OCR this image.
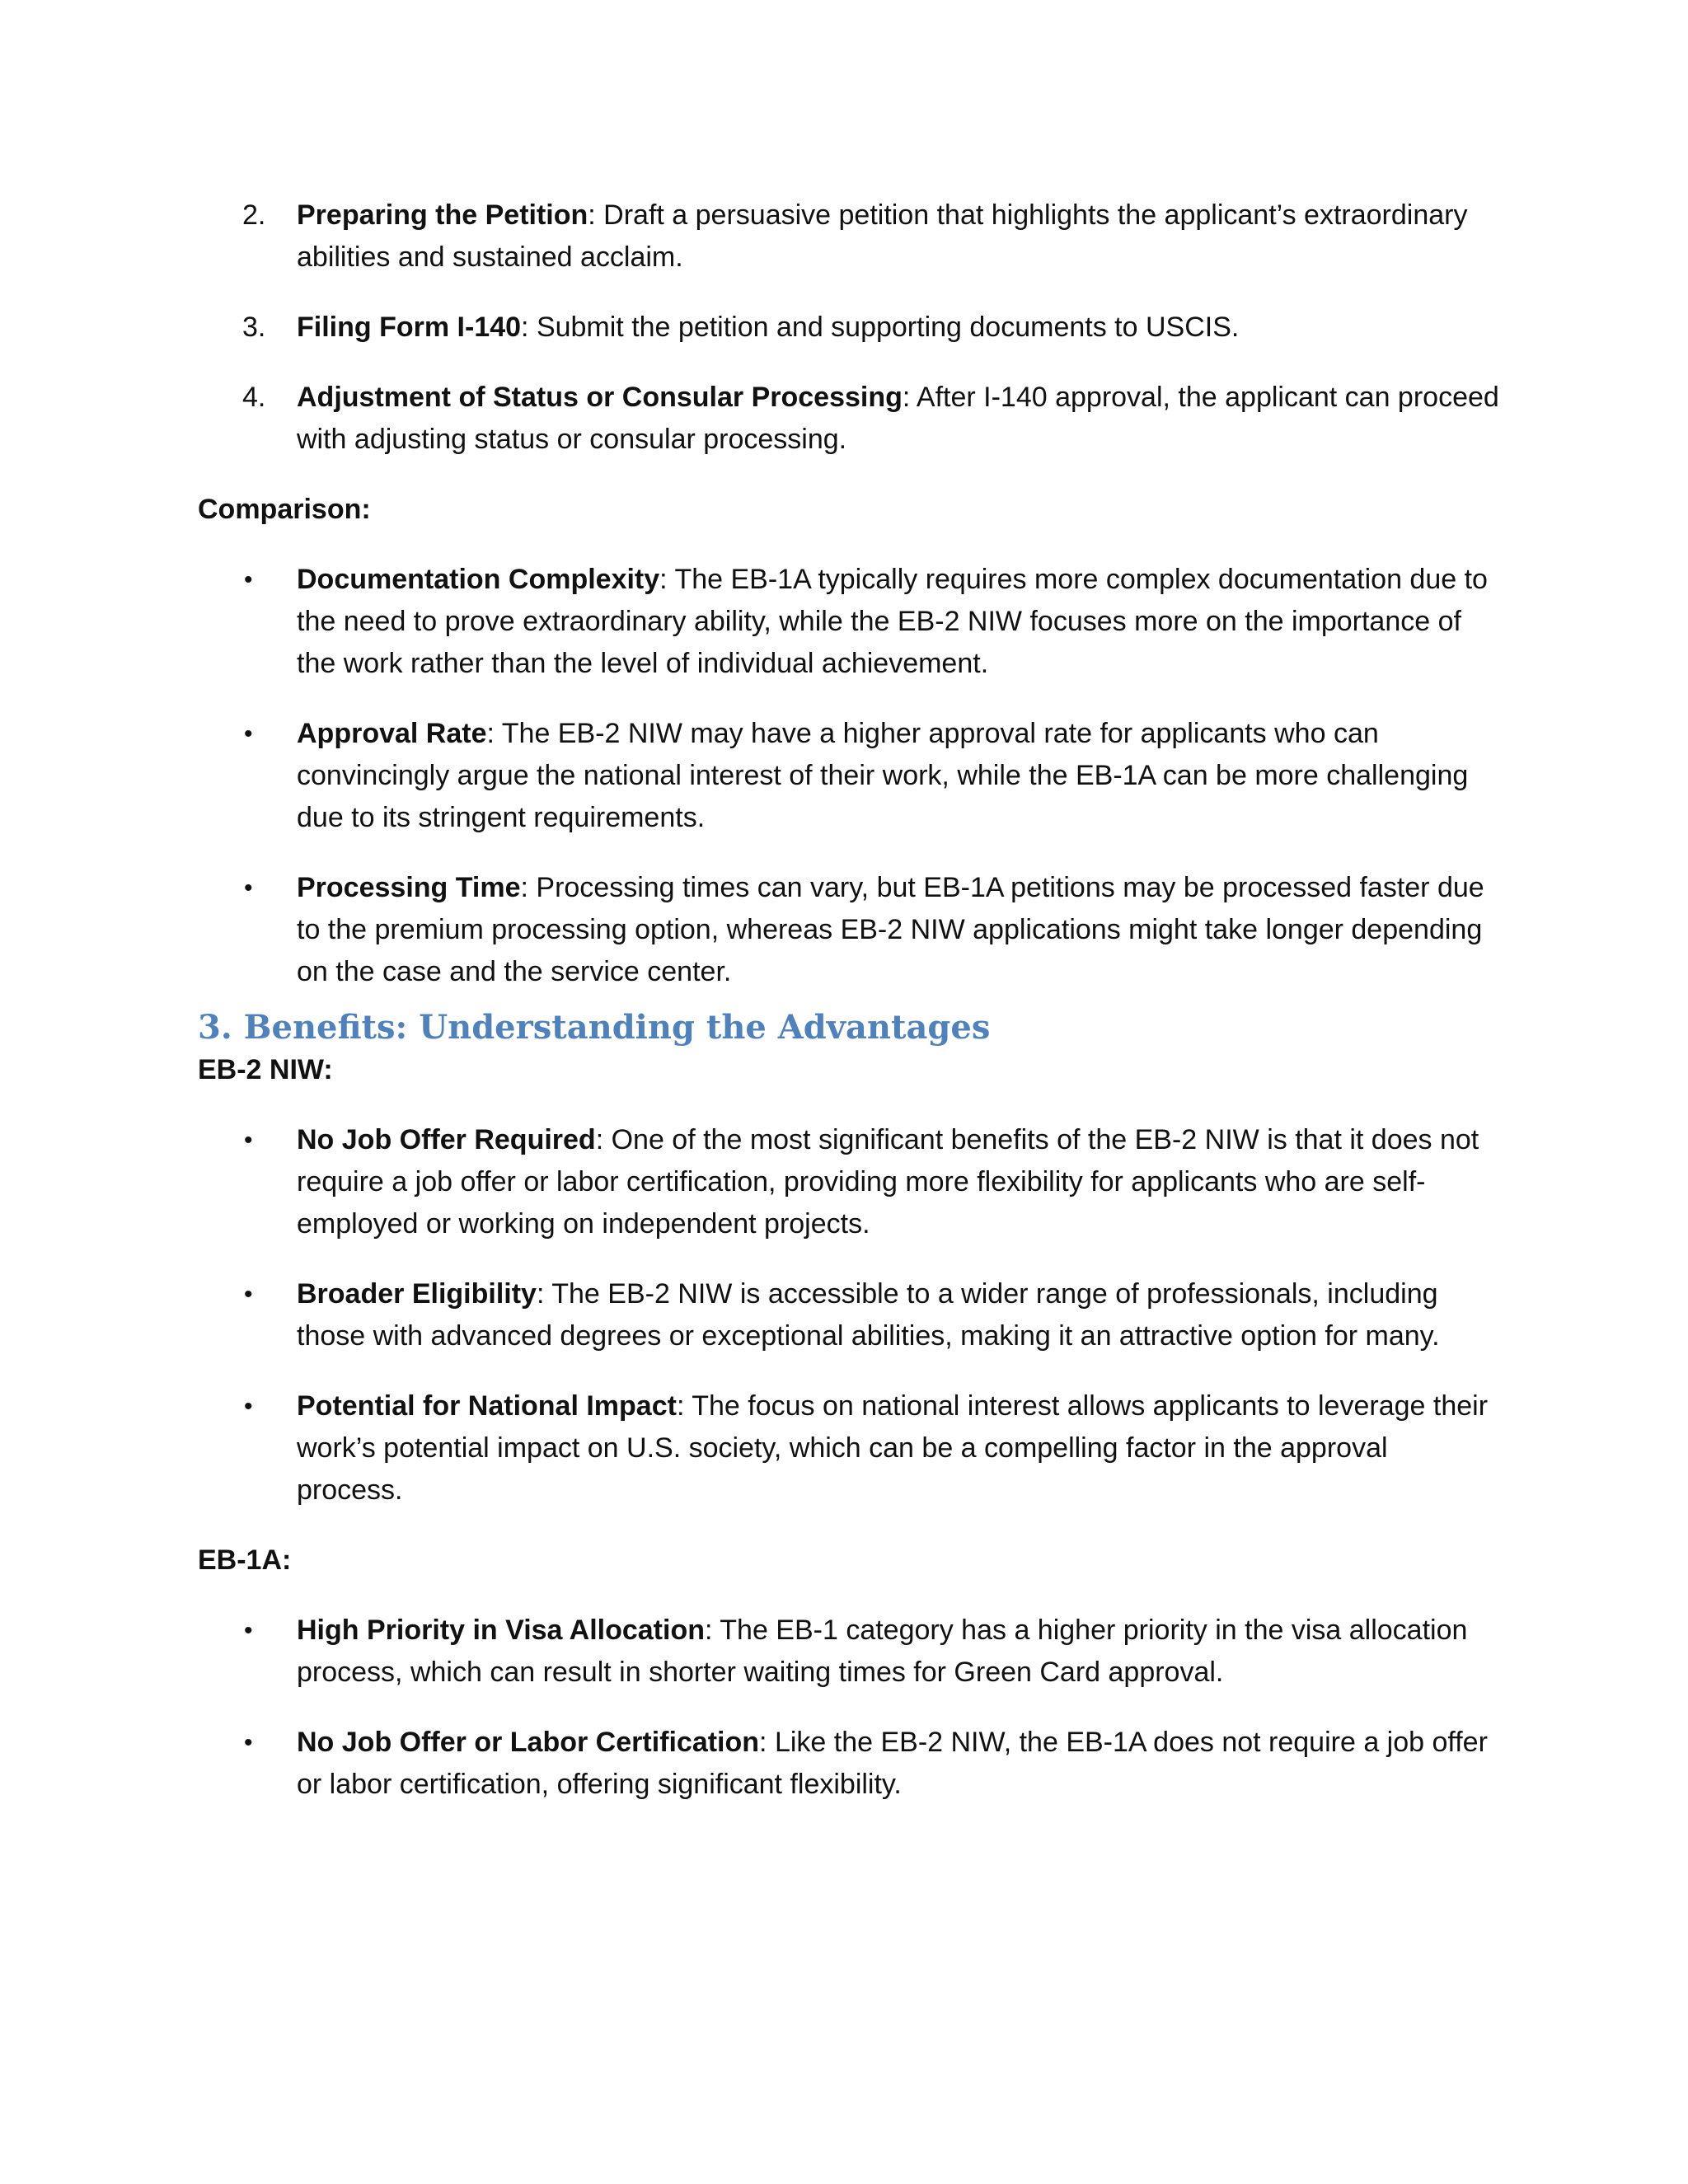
2.	Preparing the Petition: Draft a persuasive petition that highlights the applicant’s extraordinary abilities and sustained acclaim.
3.	Filing Form I-140: Submit the petition and supporting documents to USCIS.
4.	Adjustment of Status or Consular Processing: After I-140 approval, the applicant can proceed with adjusting status or consular processing.
Comparison:
•	Documentation Complexity: The EB-1A typically requires more complex documentation due to the need to prove extraordinary ability, while the EB-2 NIW focuses more on the importance of the work rather than the level of individual achievement.
•	Approval Rate: The EB-2 NIW may have a higher approval rate for applicants who can convincingly argue the national interest of their work, while the EB-1A can be more challenging due to its stringent requirements.
•	Processing Time: Processing times can vary, but EB-1A petitions may be processed faster due to the premium processing option, whereas EB-2 NIW applications might take longer depending on the case and the service center.
3. Benefits: Understanding the Advantages
EB-2 NIW:
•	No Job Offer Required: One of the most significant benefits of the EB-2 NIW is that it does not require a job offer or labor certification, providing more flexibility for applicants who are self-employed or working on independent projects.
•	Broader Eligibility: The EB-2 NIW is accessible to a wider range of professionals, including those with advanced degrees or exceptional abilities, making it an attractive option for many.
•	Potential for National Impact: The focus on national interest allows applicants to leverage their work’s potential impact on U.S. society, which can be a compelling factor in the approval process.
EB-1A:
•	High Priority in Visa Allocation: The EB-1 category has a higher priority in the visa allocation process, which can result in shorter waiting times for Green Card approval.
•	No Job Offer or Labor Certification: Like the EB-2 NIW, the EB-1A does not require a job offer or labor certification, offering significant flexibility.
